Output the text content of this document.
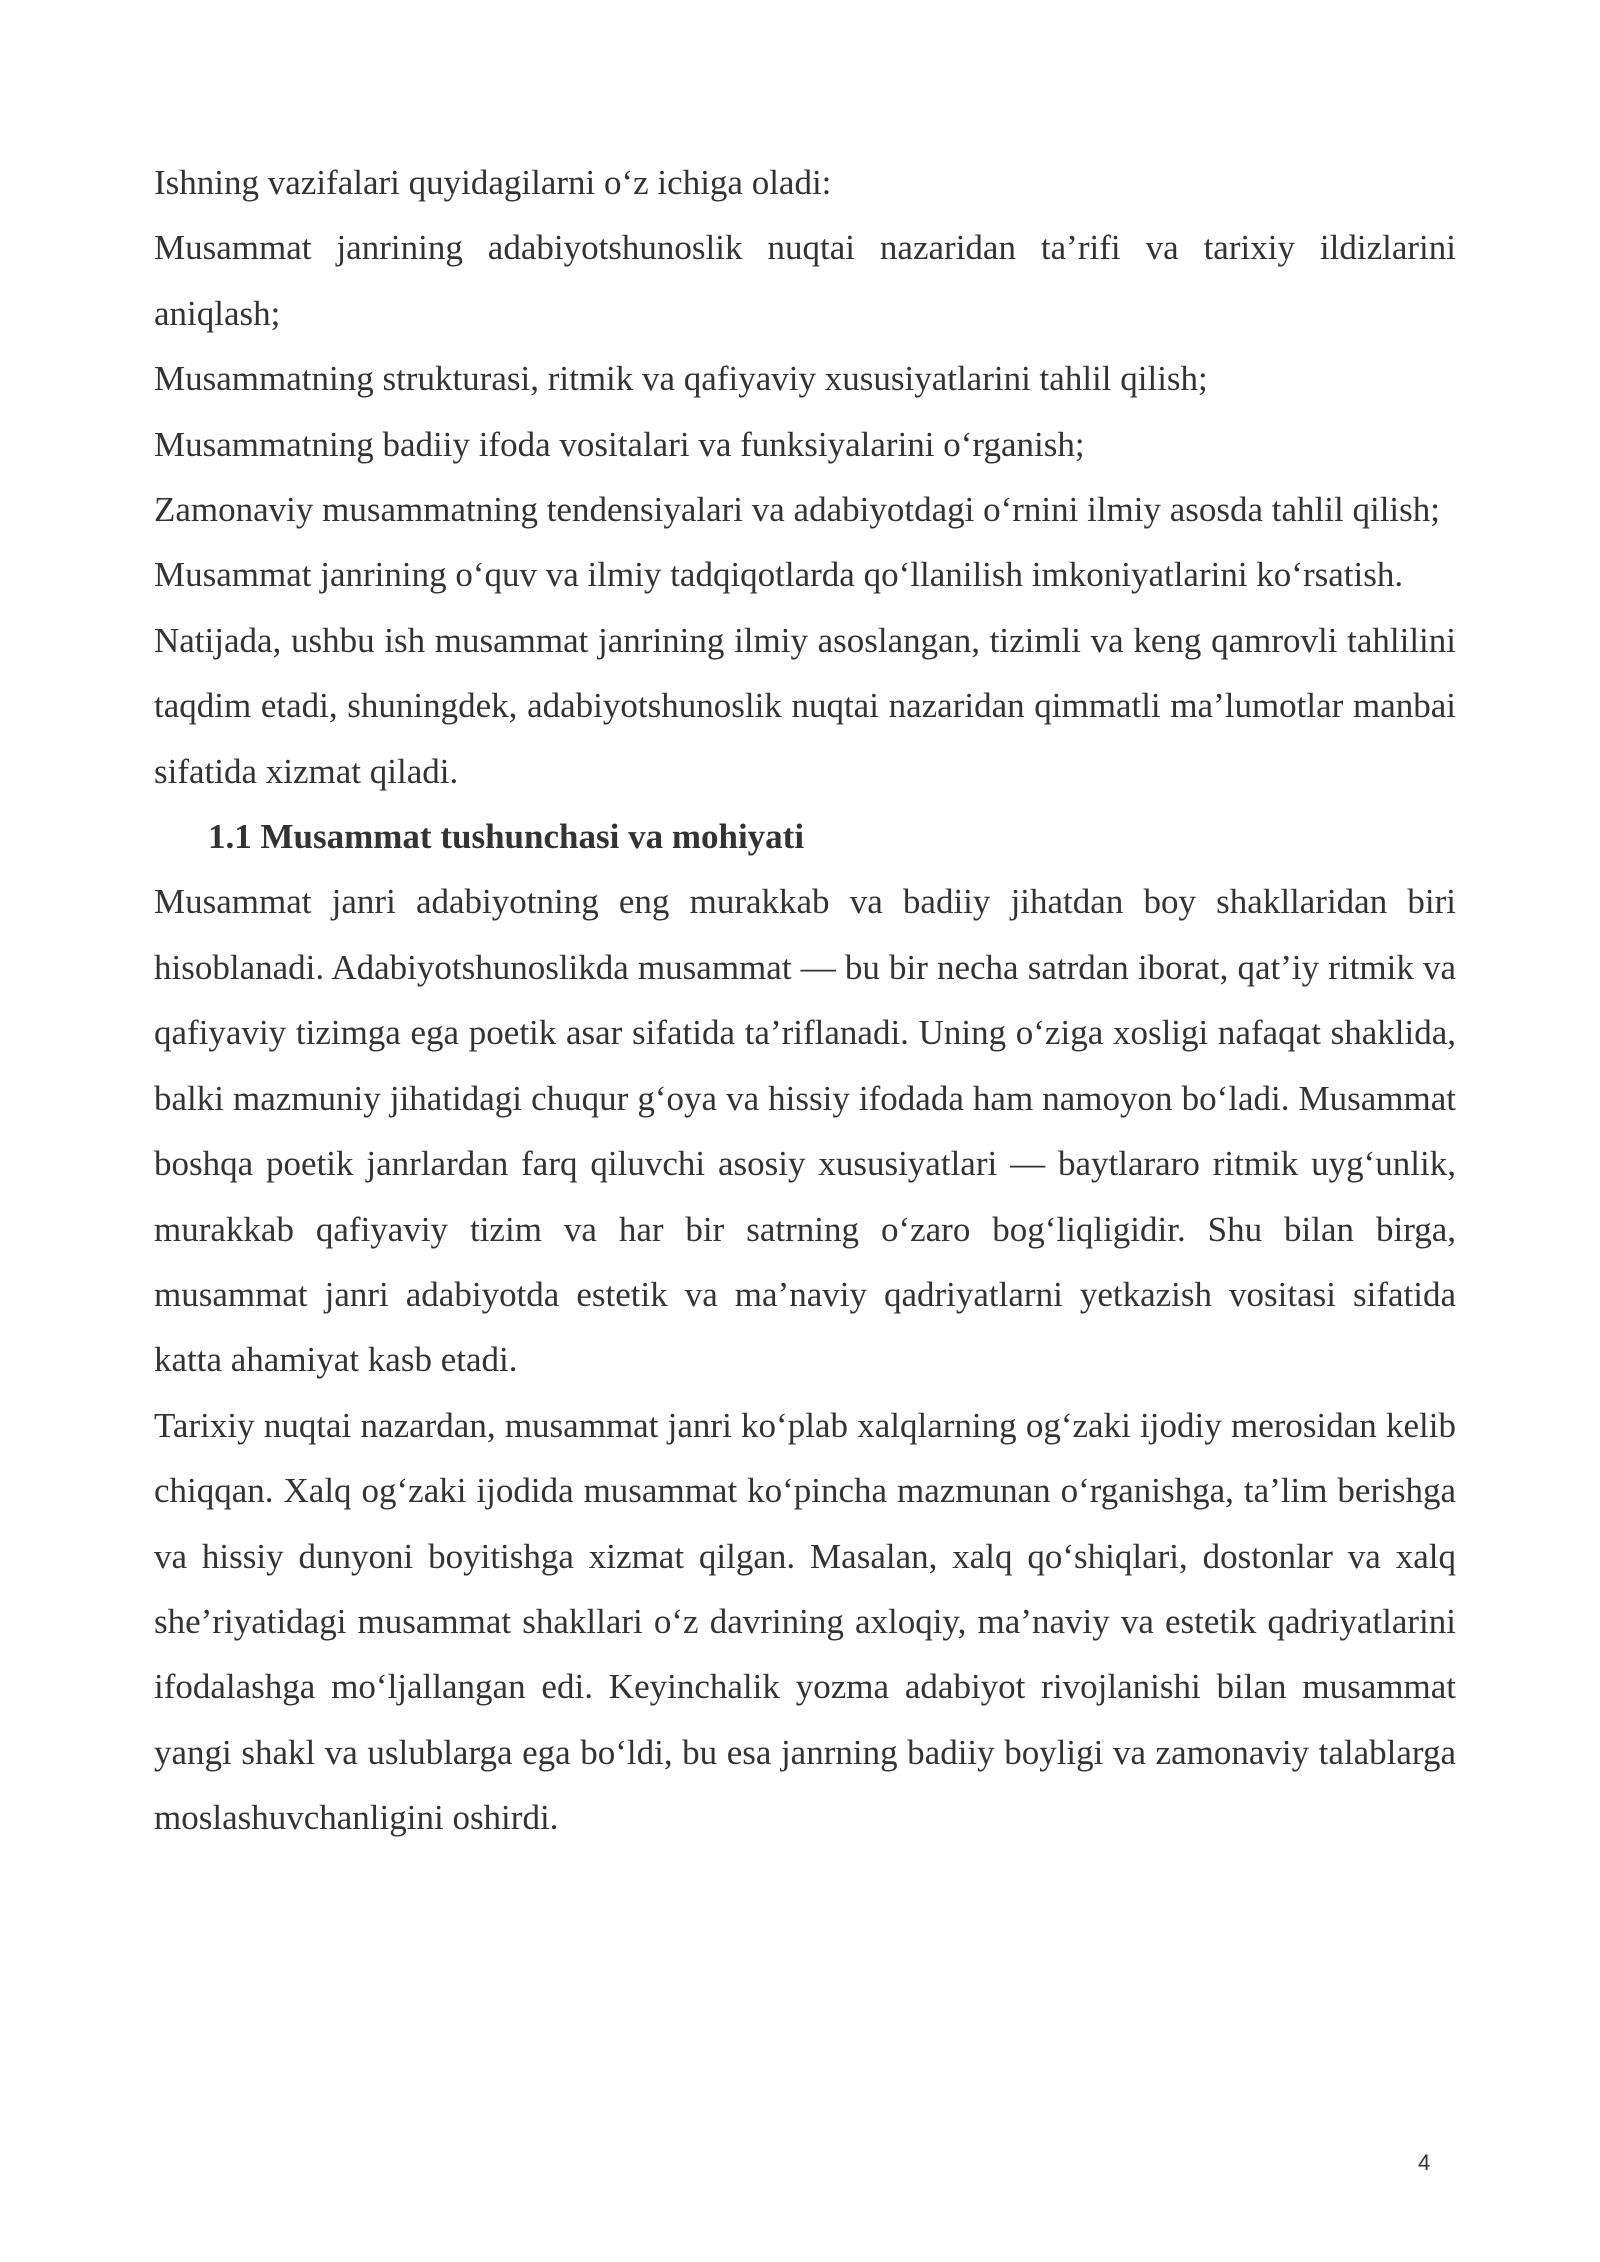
Ishning vazifalari quyidagilarni o‘z ichiga oladi:

Musammat janrining adabiyotshunoslik nuqtai nazaridan ta’rifi va tarixiy ildizlarini aniqlash;

Musammatning strukturasi, ritmik va qafiyaviy xususiyatlarini tahlil qilish;

Musammatning badiiy ifoda vositalari va funksiyalarini o‘rganish;

Zamonaviy musammatning tendensiyalari va adabiyotdagi o‘rnini ilmiy asosda tahlil qilish;

Musammat janrining o‘quv va ilmiy tadqiqotlarda qo‘llanilish imkoniyatlarini ko‘rsatish.

Natijada, ushbu ish musammat janrining ilmiy asoslangan, tizimli va keng qamrovli tahlilini taqdim etadi, shuningdek, adabiyotshunoslik nuqtai nazaridan qimmatli ma’lumotlar manbai sifatida xizmat qiladi.

1.1 Musammat tushunchasi va mohiyati

Musammat janri adabiyotning eng murakkab va badiiy jihatdan boy shakllaridan biri hisoblanadi. Adabiyotshunoslikda musammat — bu bir necha satrdan iborat, qat’iy ritmik va qafiyaviy tizimga ega poetik asar sifatida ta’riflanadi. Uning o‘ziga xosligi nafaqat shaklida, balki mazmuniy jihatidagi chuqur g‘oya va hissiy ifodada ham namoyon bo‘ladi. Musammat boshqa poetik janrlardan farq qiluvchi asosiy xususiyatlari — baytlararo ritmik uyg‘unlik, murakkab qafiyaviy tizim va har bir satrning o‘zaro bog‘liqligidir. Shu bilan birga, musammat janri adabiyotda estetik va ma’naviy qadriyatlarni yetkazish vositasi sifatida katta ahamiyat kasb etadi.

Tarixiy nuqtai nazardan, musammat janri ko‘plab xalqlarning og‘zaki ijodiy merosidan kelib chiqqan. Xalq og‘zaki ijodida musammat ko‘pincha mazmunan o‘rganishga, ta’lim berishga va hissiy dunyoni boyitishga xizmat qilgan. Masalan, xalq qo‘shiqlari, dostonlar va xalq she’riyatidagi musammat shakllari o‘z davrining axloqiy, ma’naviy va estetik qadriyatlarini ifodalashga mo‘ljallangan edi. Keyinchalik yozma adabiyot rivojlanishi bilan musammat yangi shakl va uslublarga ega bo‘ldi, bu esa janrning badiiy boyligi va zamonaviy talablarga moslashuvchanligini oshirdi.

4
